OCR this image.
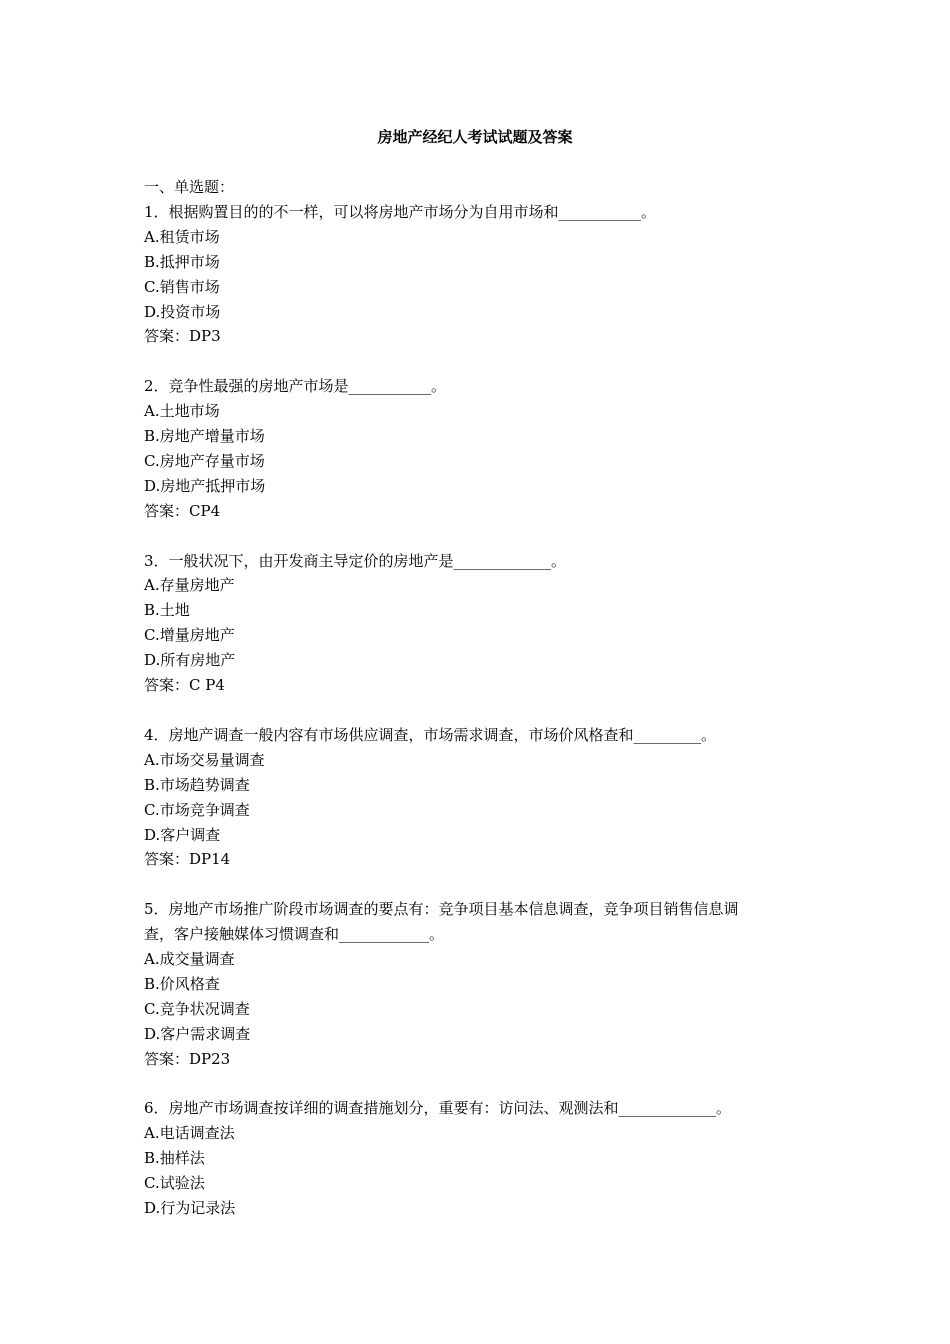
房地产经纪人考试试题及答案
一、单选题：
1．根据购置目的的不一样，可以将房地产市场分为自用市场和___________。
A.租赁市场
B.抵押市场
C.销售市场
D.投资市场
答案：DP3
2．竞争性最强的房地产市场是___________。
A.土地市场
B.房地产增量市场
C.房地产存量市场
D.房地产抵押市场
答案：CP4
3．一般状况下，由开发商主导定价的房地产是_____________。
A.存量房地产
B.土地
C.增量房地产
D.所有房地产
答案：C P4
4．房地产调查一般内容有市场供应调查，市场需求调查，市场价风格查和_________。
A.市场交易量调查
B.市场趋势调查
C.市场竞争调查
D.客户调查
答案：DP14
5．房地产市场推广阶段市场调查的要点有：竞争项目基本信息调查，竞争项目销售信息调
查，客户接触媒体习惯调查和____________。
A.成交量调查
B.价风格查
C.竞争状况调查
D.客户需求调查
答案：DP23
6．房地产市场调查按详细的调查措施划分，重要有：访问法、观测法和_____________。
A.电话调查法
B.抽样法
C.试验法
D.行为记录法
